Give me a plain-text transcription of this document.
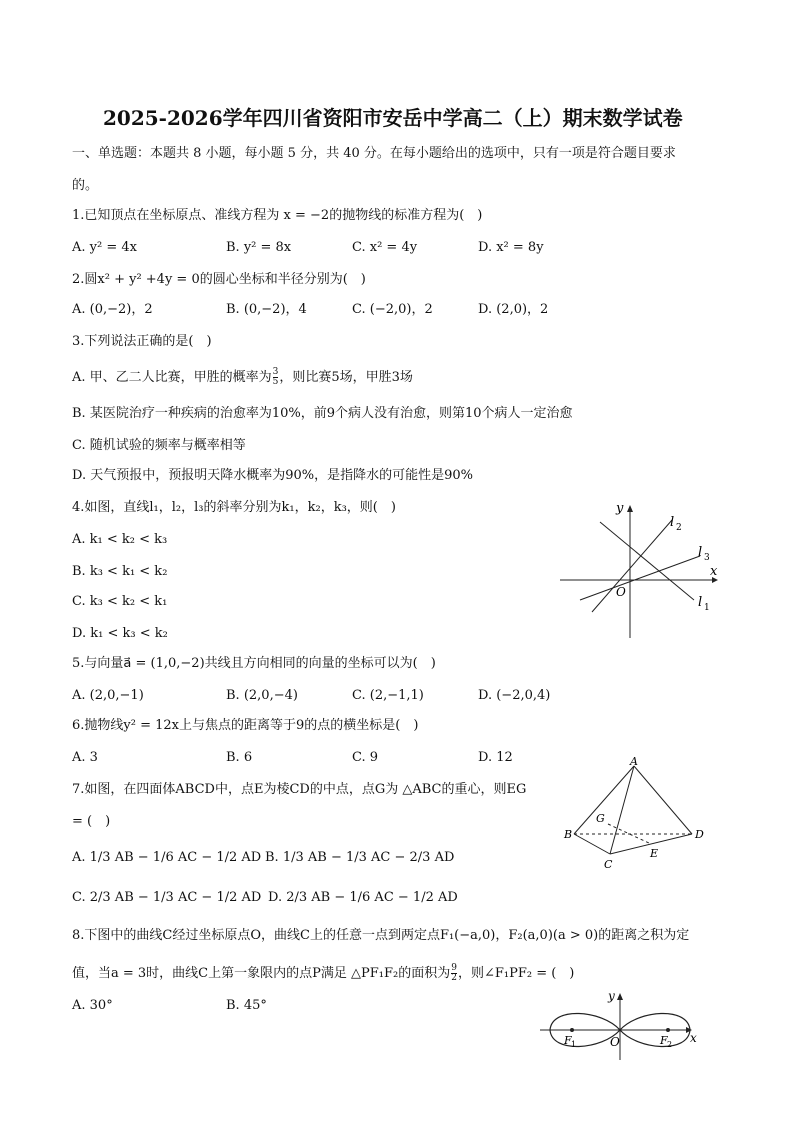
2025-2026学年四川省资阳市安岳中学高二（上）期末数学试卷
一、单选题：本题共 8 小题，每小题 5 分，共 40 分。在每小题给出的选项中，只有一项是符合题目要求
的。
1.已知顶点在坐标原点、准线方程为 x = −2的抛物线的标准方程为(　)
A. y² = 4x	B. y² = 8x	C. x² = 4y	D. x² = 8y
2.圆x² + y² +4y = 0的圆心坐标和半径分别为(　)
A. (0,−2)，2	B. (0,−2)，4	C. (−2,0)，2	D. (2,0)，2
3.下列说法正确的是(　)
A. 甲、乙二人比赛，甲胜的概率为 $\frac{3}{5}$ ，则比赛5场，甲胜3场
B. 某医院治疗一种疾病的治愈率为10%，前9个病人没有治愈，则第10个病人一定治愈
C. 随机试验的频率与概率相等
D. 天气预报中，预报明天降水概率为90%，是指降水的可能性是90%
4.如图，直线l₁，l₂，l₃的斜率分别为k₁，k₂，k₃，则(　)
A. k₁ < k₂ < k₃
B. k₃ < k₁ < k₂
C. k₃ < k₂ < k₁
D. k₁ < k₃ < k₂
y
x
O
l 2
l 3
l 1
5.与向量a⃗ = (1,0,−2)共线且方向相同的向量的坐标可以为(　)
A. (2,0,−1)	B. (2,0,−4)	C. (2,−1,1)	D. (−2,0,4)
6.抛物线y² = 12x上与焦点的距离等于9的点的横坐标是(　)
A. 3	B. 6	C. 9	D. 12
7.如图，在四面体ABCD中，点E为棱CD的中点，点G为 △ABC的重心，则EG
= (　)
A. 1/3 AB − 1/6 AC − 1/2 AD B. 1/3 AB − 1/3 AC − 2/3 AD
C. 2/3 AB − 1/3 AC − 1/2 AD D. 2/3 AB − 1/6 AC − 1/2 AD
A
B
C
D
E
G
8.下图中的曲线C经过坐标原点O，曲线C上的任意一点到两定点F₁(−a,0)，F₂(a,0)(a > 0)的距离之积为定
值，当a = 3时，曲线C上第一象限内的点P满足 △PF₁F₂的面积为 $\frac{9}{2}$ ，则∠F₁PF₂ = (　)
A. 30°	B. 45°
y
x
O
F 1	F 2
